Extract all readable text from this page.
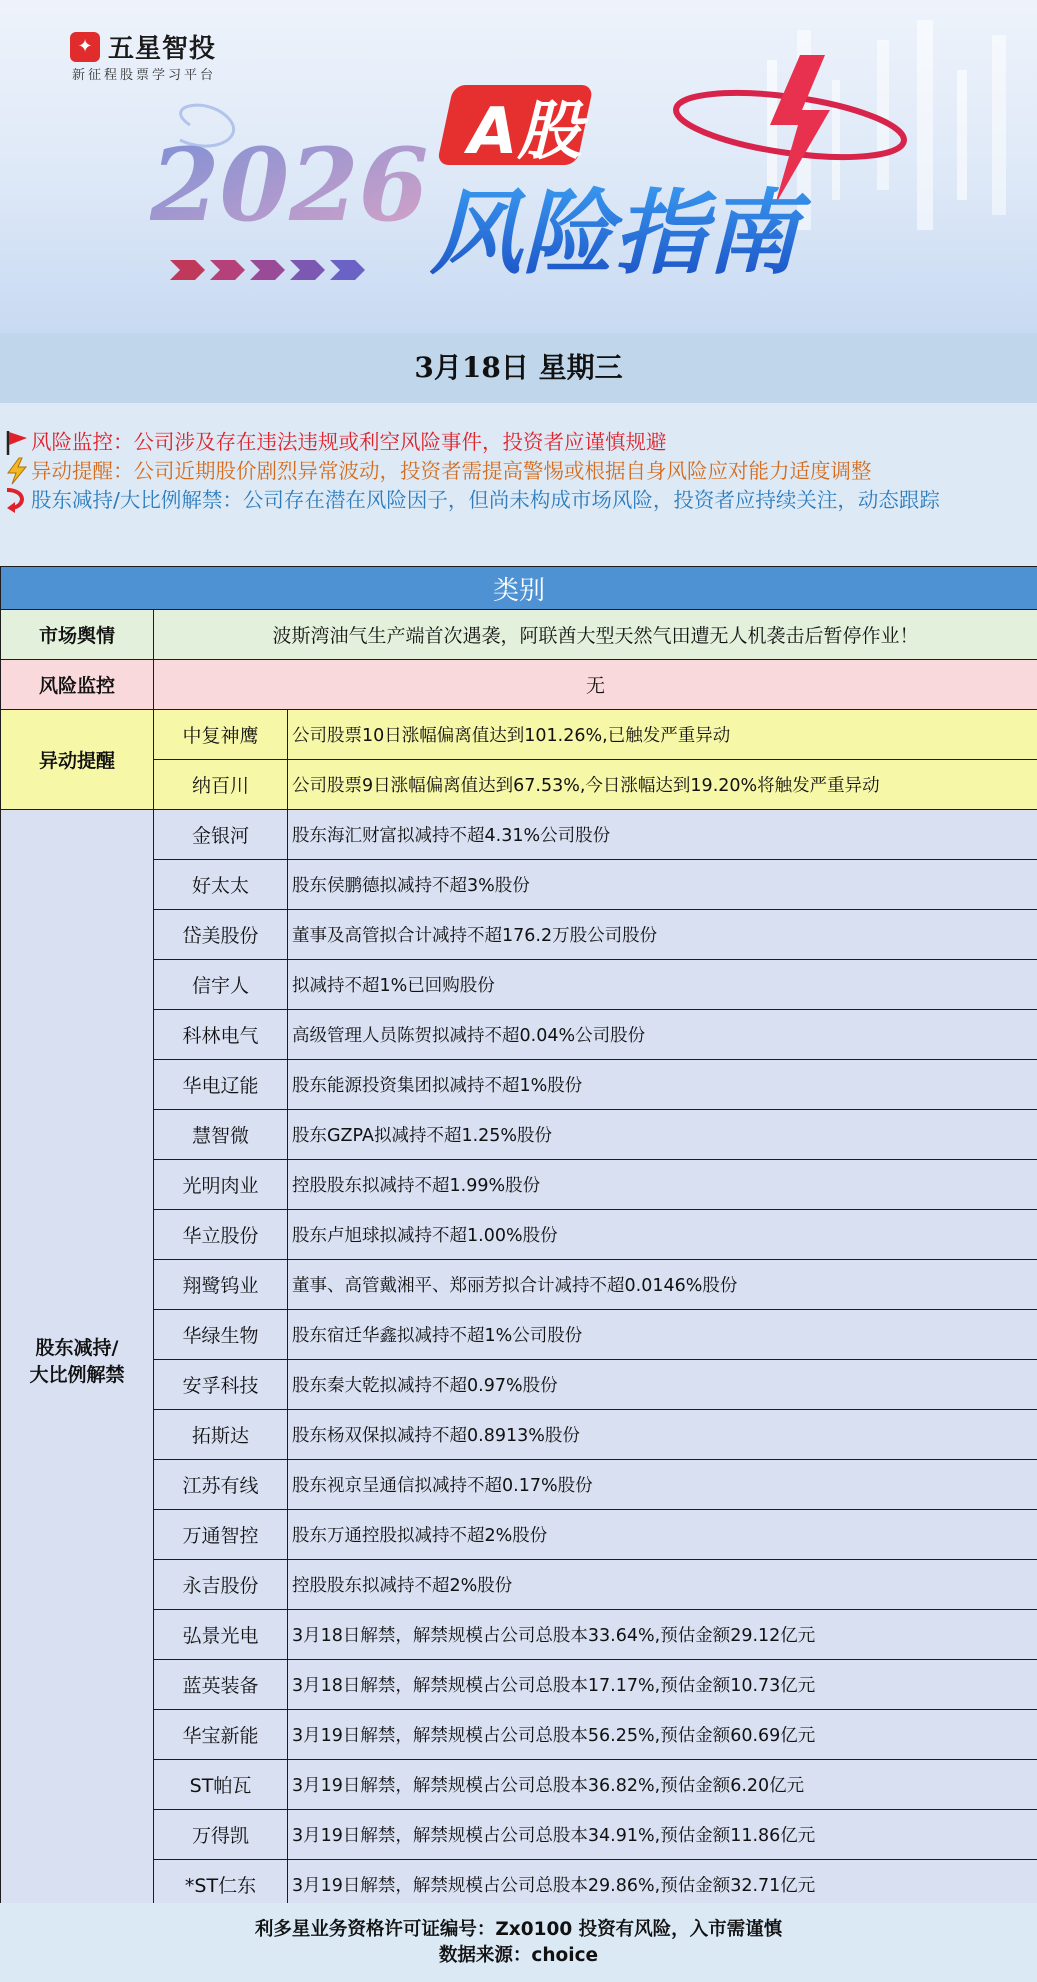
✦ 五星智投
新征程股票学习平台
2026 A股
风险指南
3月18日 星期三
风险监控：公司涉及存在违法违规或利空风险事件，投资者应谨慎规避
异动提醒：公司近期股价剧烈异常波动，投资者需提高警惕或根据自身风险应对能力适度调整
股东减持/大比例解禁：公司存在潜在风险因子，但尚未构成市场风险，投资者应持续关注，动态跟踪
类别		
市场舆情	波斯湾油气生产端首次遇袭，阿联酋大型天然气田遭无人机袭击后暂停作业！	
风险监控	无	
异动提醒	中复神鹰	公司股票10日涨幅偏离值达到101.26%,已触发严重异动
	纳百川	公司股票9日涨幅偏离值达到67.53%,今日涨幅达到19.20%将触发严重异动
股东减持/
大比例解禁	金银河	股东海汇财富拟减持不超4.31%公司股份
	好太太	股东侯鹏德拟减持不超3%股份
	岱美股份	董事及高管拟合计减持不超176.2万股公司股份
	信宇人	拟减持不超1%已回购股份
	科林电气	高级管理人员陈贺拟减持不超0.04%公司股份
	华电辽能	股东能源投资集团拟减持不超1%股份
	慧智微	股东GZPA拟减持不超1.25%股份
	光明肉业	控股股东拟减持不超1.99%股份
	华立股份	股东卢旭球拟减持不超1.00%股份
	翔鹭钨业	董事、高管戴湘平、郑丽芳拟合计减持不超0.0146%股份
	华绿生物	股东宿迁华鑫拟减持不超1%公司股份
	安孚科技	股东秦大乾拟减持不超0.97%股份
	拓斯达	股东杨双保拟减持不超0.8913%股份
	江苏有线	股东视京呈通信拟减持不超0.17%股份
	万通智控	股东万通控股拟减持不超2%股份
	永吉股份	控股股东拟减持不超2%股份
	弘景光电	3月18日解禁，解禁规模占公司总股本33.64%,预估金额29.12亿元
	蓝英装备	3月18日解禁，解禁规模占公司总股本17.17%,预估金额10.73亿元
	华宝新能	3月19日解禁，解禁规模占公司总股本56.25%,预估金额60.69亿元
	ST帕瓦	3月19日解禁，解禁规模占公司总股本36.82%,预估金额6.20亿元
	万得凯	3月19日解禁，解禁规模占公司总股本34.91%,预估金额11.86亿元
	*ST仁东	3月19日解禁，解禁规模占公司总股本29.86%,预估金额32.71亿元
利多星业务资格许可证编号：Zx0100 投资有风险，入市需谨慎
数据来源：choice
